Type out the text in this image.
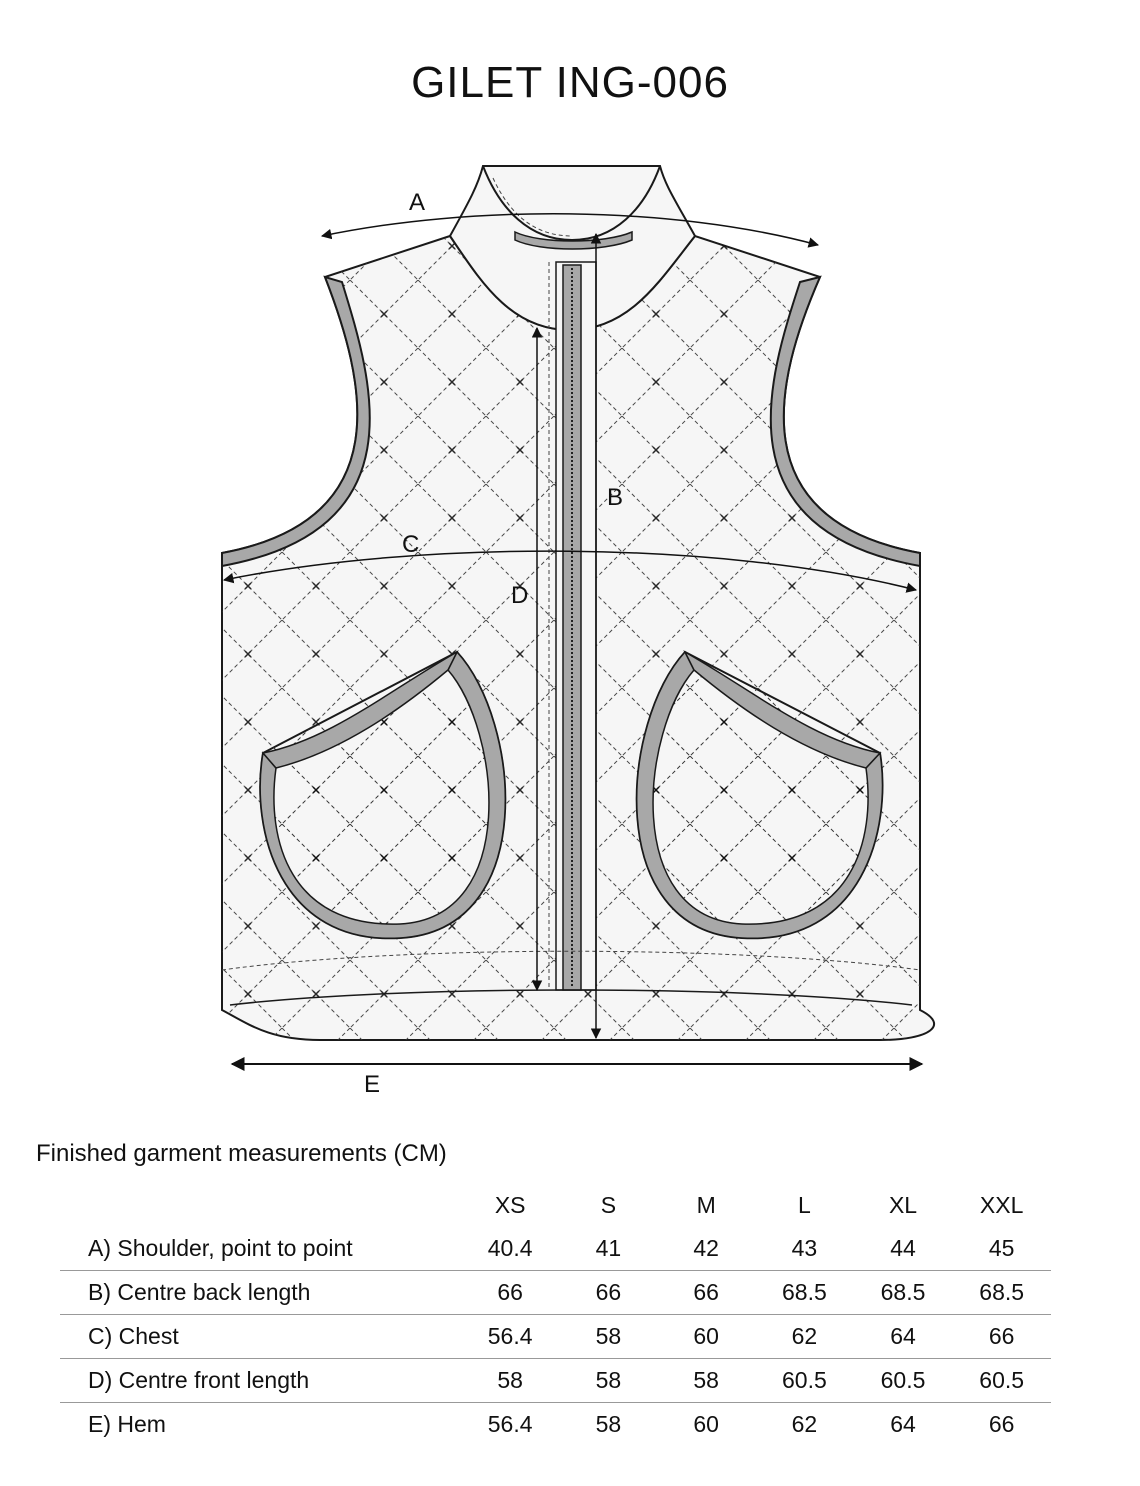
GILET ING-006
A
B
C
D
E
Finished garment measurements (CM)
	XS	S	M	L	XL	XXL
A) Shoulder, point to point	40.4	41	42	43	44	45
B) Centre back length	66	66	66	68.5	68.5	68.5
C) Chest	56.4	58	60	62	64	66
D) Centre front length	58	58	58	60.5	60.5	60.5
E) Hem	56.4	58	60	62	64	66
